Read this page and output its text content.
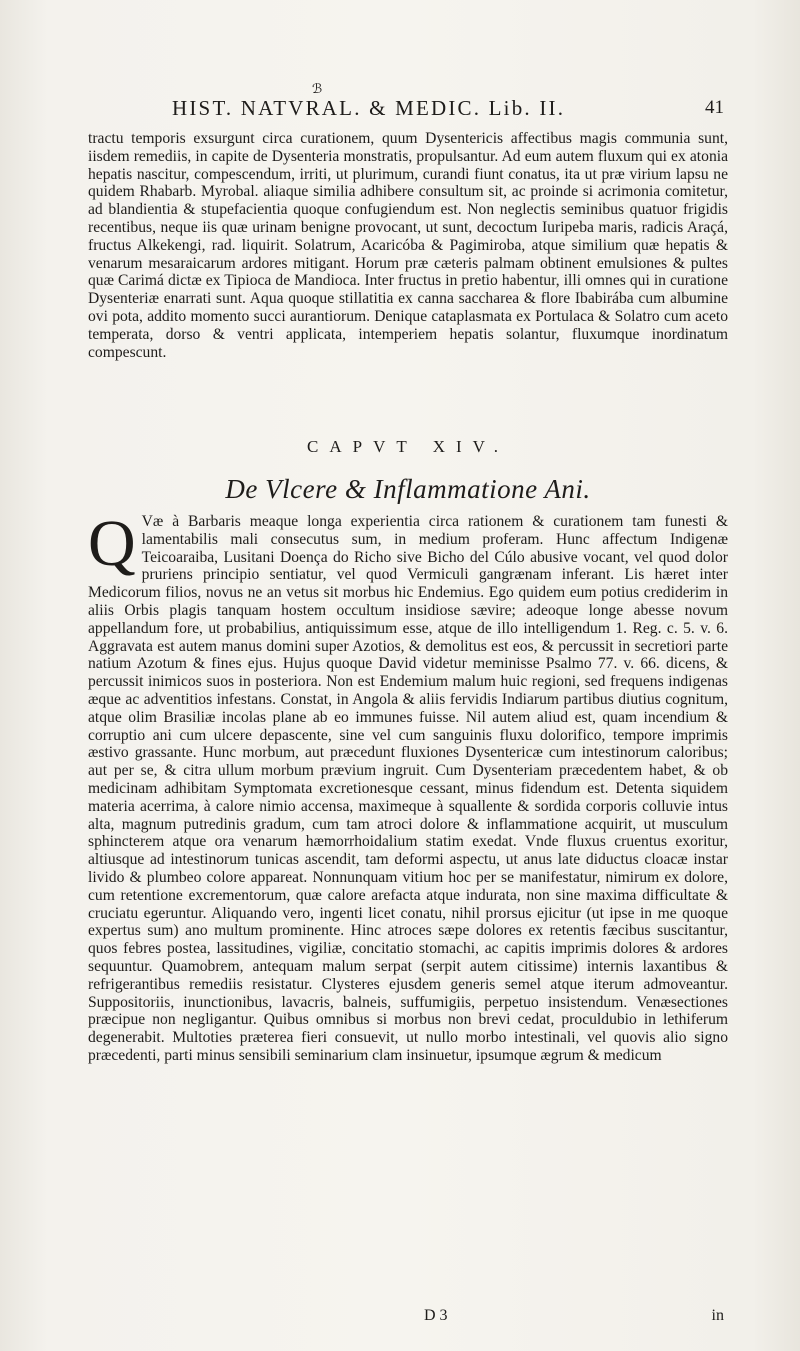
ℬ
HIST. NATVRAL. & MEDIC. Lib. II.	41
tractu temporis exsurgunt circa curationem, quum Dysentericis affectibus magis communia sunt, iisdem remediis, in capite de Dysenteria monstratis, propulsantur. Ad eum autem fluxum qui ex atonia hepatis nascitur, compescendum, irriti, ut plurimum, curandi fiunt conatus, ita ut præ virium lapsu ne quidem Rhabarb. Myrobal. aliaque similia adhibere consultum sit, ac proinde si acrimonia comitetur, ad blandientia & stupefacientia quoque confugiendum est. Non neglectis seminibus quatuor frigidis recentibus, neque iis quæ urinam benigne provocant, ut sunt, decoctum Iuripeba maris, radicis Araçá, fructus Alkekengi, rad. liquirit. Solatrum, Acaricóba & Pagimiroba, atque similium quæ hepatis & venarum mesaraicarum ardores mitigant. Horum præ cæteris palmam obtinent emulsiones & pultes quæ Carimá dictæ ex Tipioca de Mandioca. Inter fructus in pretio habentur, illi omnes qui in curatione Dysenteriæ enarrati sunt. Aqua quoque stillatitia ex canna saccharea & flore Ibabirába cum albumine ovi pota, addito momento succi aurantiorum. Denique cataplasmata ex Portulaca & Solatro cum aceto temperata, dorso & ventri applicata, intemperiem hepatis solantur, fluxumque inordinatum compescunt.
CAPVT XIV.
De Vlcere & Inflammatione Ani.
Q Væ à Barbaris meaque longa experientia circa rationem & curationem tam funesti & lamentabilis mali consecutus sum, in medium proferam. Hunc affectum Indigenæ Teicoaraiba, Lusitani Doença do Richo sive Bicho del Cúlo abusive vocant, vel quod dolor pruriens principio sentiatur, vel quod Vermiculi gangrænam inferant. Lis hæret inter Medicorum filios, novus ne an vetus sit morbus hic Endemius. Ego quidem eum potius crediderim in aliis Orbis plagis tanquam hostem occultum insidiose sævire; adeoque longe abesse novum appellandum fore, ut probabilius, antiquissimum esse, atque de illo intelligendum 1. Reg. c. 5. v. 6. Aggravata est autem manus domini super Azotios, & demolitus est eos, & percussit in secretiori parte natium Azotum & fines ejus. Hujus quoque David videtur meminisse Psalmo 77. v. 66. dicens, & percussit inimicos suos in posteriora. Non est Endemium malum huic regioni, sed frequens indigenas æque ac adventitios infestans. Constat, in Angola & aliis fervidis Indiarum partibus diutius cognitum, atque olim Brasiliæ incolas plane ab eo immunes fuisse. Nil autem aliud est, quam incendium & corruptio ani cum ulcere depascente, sine vel cum sanguinis fluxu dolorifico, tempore imprimis æstivo grassante. Hunc morbum, aut præcedunt fluxiones Dysentericæ cum intestinorum caloribus; aut per se, & citra ullum morbum prævium ingruit. Cum Dysenteriam præcedentem habet, & ob medicinam adhibitam Symptomata excretionesque cessant, minus fidendum est. Detenta siquidem materia acerrima, à calore nimio accensa, maximeque à squallente & sordida corporis colluvie intus alta, magnum putredinis gradum, cum tam atroci dolore & inflammatione acquirit, ut musculum sphincterem atque ora venarum hæmorrhoidalium statim exedat. Vnde fluxus cruentus exoritur, altiusque ad intestinorum tunicas ascendit, tam deformi aspectu, ut anus late diductus cloacæ instar livido & plumbeo colore appareat. Nonnunquam vitium hoc per se manifestatur, nimirum ex dolore, cum retentione excrementorum, quæ calore arefacta atque indurata, non sine maxima difficultate & cruciatu egeruntur. Aliquando vero, ingenti licet conatu, nihil prorsus ejicitur (ut ipse in me quoque expertus sum) ano multum prominente. Hinc atroces sæpe dolores ex retentis fæcibus suscitantur, quos febres postea, lassitudines, vigiliæ, concitatio stomachi, ac capitis imprimis dolores & ardores sequuntur. Quamobrem, antequam malum serpat (serpit autem citissime) internis laxantibus & refrigerantibus remediis resistatur. Clysteres ejusdem generis semel atque iterum admoveantur. Suppositoriis, inunctionibus, lavacris, balneis, suffumigiis, perpetuo insistendum. Venæsectiones præcipue non negligantur. Quibus omnibus si morbus non brevi cedat, proculdubio in lethiferum degenerabit. Multoties præterea fieri consuevit, ut nullo morbo intestinali, vel quovis alio signo præcedenti, parti minus sensibili seminarium clam insinuetur, ipsumque ægrum & medicum
D 3	in
